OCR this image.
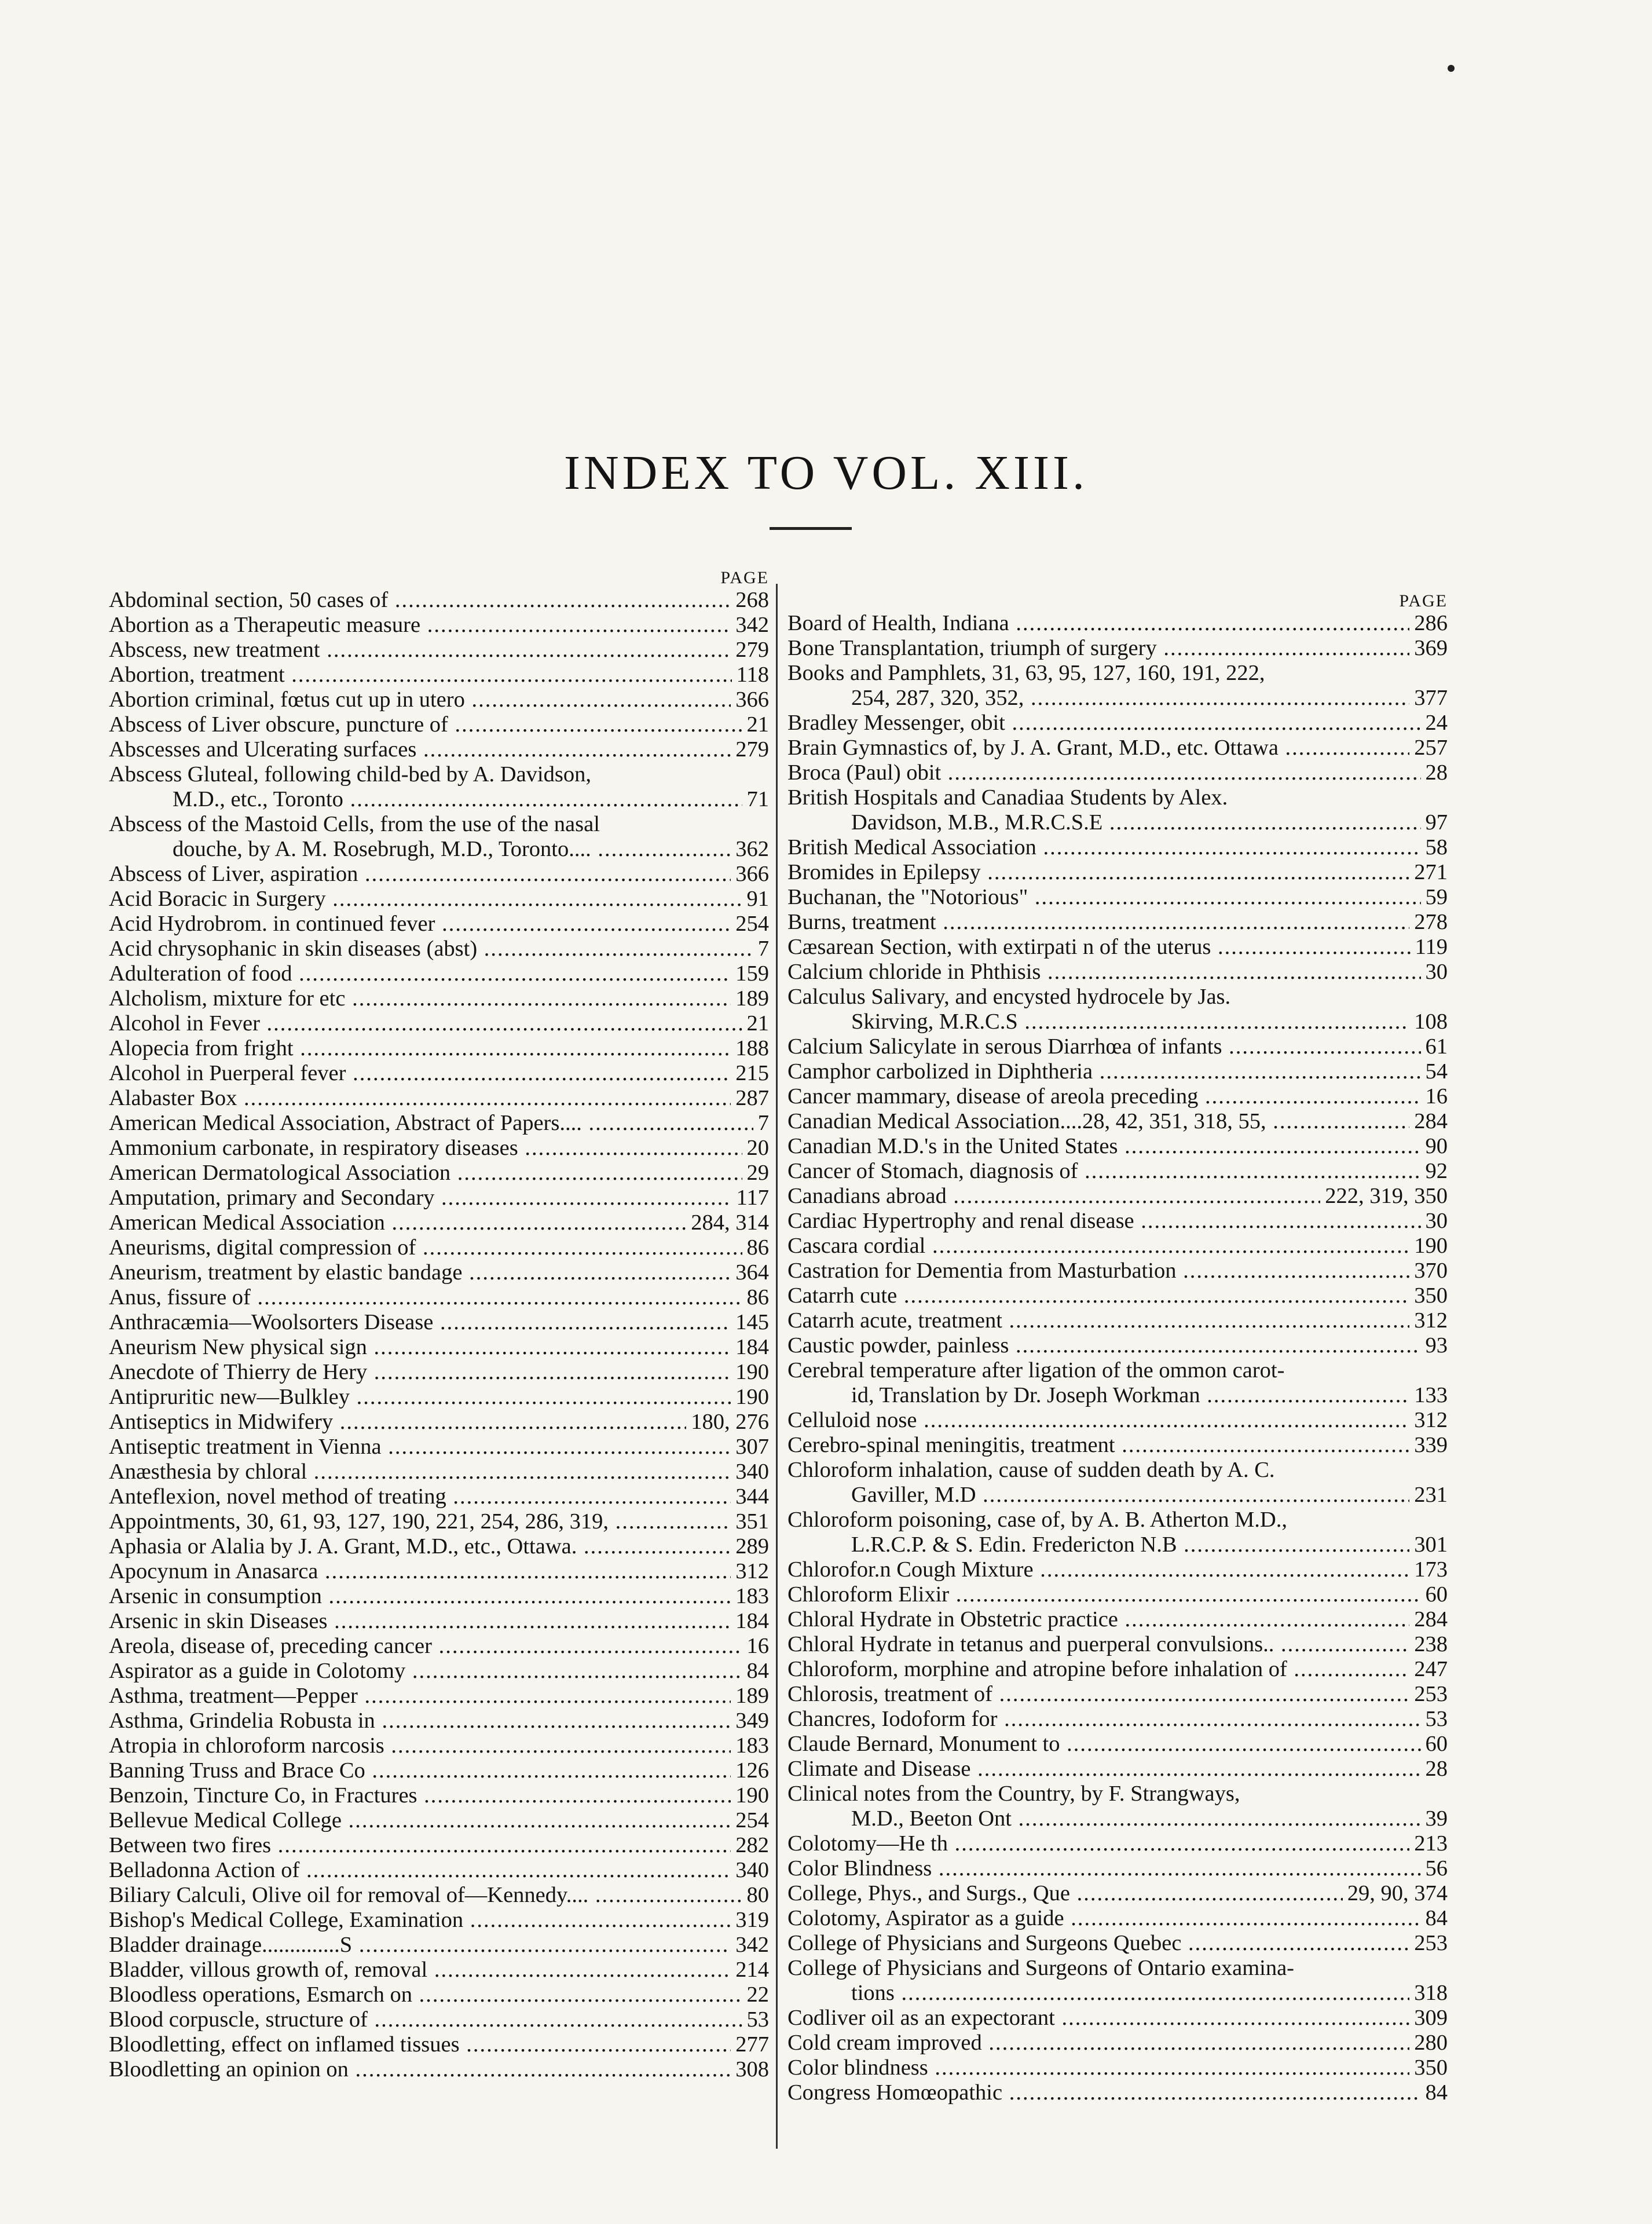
INDEX TO VOL. XIII.
PAGE
Abdominal section, 50 cases of .....	268
Abortion as a Therapeutic measure .....	342
Abscess, new treatment .....	279
Abortion, treatment .....	118
Abortion criminal, fœtus cut up in utero .....	366
Abscess of Liver obscure, puncture of .....	21
Abscesses and Ulcerating surfaces .....	279
Abscess Gluteal, following child-bed by A. Davidson,
M.D., etc., Toronto .....	71
Abscess of the Mastoid Cells, from the use of the nasal
douche, by A. M. Rosebrugh, M.D., Toronto.... .....	362
Abscess of Liver, aspiration .....	366
Acid Boracic in Surgery .....	91
Acid Hydrobrom. in continued fever .....	254
Acid chrysophanic in skin diseases (abst) .....	7
Adulteration of food .....	159
Alcholism, mixture for etc .....	189
Alcohol in Fever .....	21
Alopecia from fright .....	188
Alcohol in Puerperal fever .....	215
Alabaster Box .....	287
American Medical Association, Abstract of Papers.... .....	7
Ammonium carbonate, in respiratory diseases .....	20
American Dermatological Association .....	29
Amputation, primary and Secondary .....	117
American Medical Association .....	284, 314
Aneurisms, digital compression of .....	86
Aneurism, treatment by elastic bandage .....	364
Anus, fissure of .....	86
Anthracæmia—Woolsorters Disease .....	145
Aneurism New physical sign .....	184
Anecdote of Thierry de Hery .....	190
Antipruritic new—Bulkley .....	190
Antiseptics in Midwifery .....	180, 276
Antiseptic treatment in Vienna .....	307
Anæsthesia by chloral .....	340
Anteflexion, novel method of treating .....	344
Appointments, 30, 61, 93, 127, 190, 221, 254, 286, 319, .....	351
Aphasia or Alalia by J. A. Grant, M.D., etc., Ottawa. .....	289
Apocynum in Anasarca .....	312
Arsenic in consumption .....	183
Arsenic in skin Diseases .....	184
Areola, disease of, preceding cancer .....	16
Aspirator as a guide in Colotomy .....	84
Asthma, treatment—Pepper .....	189
Asthma, Grindelia Robusta in .....	349
Atropia in chloroform narcosis .....	183
Banning Truss and Brace Co .....	126
Benzoin, Tincture Co, in Fractures .....	190
Bellevue Medical College .....	254
Between two fires .....	282
Belladonna Action of .....	340
Biliary Calculi, Olive oil for removal of—Kennedy.... .....	80
Bishop's Medical College, Examination .....	319
Bladder drainage..............S .....	342
Bladder, villous growth of, removal .....	214
Bloodless operations, Esmarch on .....	22
Blood corpuscle, structure of .....	53
Bloodletting, effect on inflamed tissues .....	277
Bloodletting an opinion on .....	308
PAGE
Board of Health, Indiana .....	286
Bone Transplantation, triumph of surgery .....	369
Books and Pamphlets, 31, 63, 95, 127, 160, 191, 222,
254, 287, 320, 352, .....	377
Bradley Messenger, obit .....	24
Brain Gymnastics of, by J. A. Grant, M.D., etc. Ottawa .....	257
Broca (Paul) obit .....	28
British Hospitals and Canadiaa Students by Alex.
Davidson, M.B., M.R.C.S.E .....	97
British Medical Association .....	58
Bromides in Epilepsy .....	271
Buchanan, the "Notorious" .....	59
Burns, treatment .....	278
Cæsarean Section, with extirpati n of the uterus .....	119
Calcium chloride in Phthisis .....	30
Calculus Salivary, and encysted hydrocele by Jas.
Skirving, M.R.C.S .....	108
Calcium Salicylate in serous Diarrhœa of infants .....	61
Camphor carbolized in Diphtheria .....	54
Cancer mammary, disease of areola preceding .....	16
Canadian Medical Association....28, 42, 351, 318, 55, .....	284
Canadian M.D.'s in the United States .....	90
Cancer of Stomach, diagnosis of .....	92
Canadians abroad .....	222, 319, 350
Cardiac Hypertrophy and renal disease .....	30
Cascara cordial .....	190
Castration for Dementia from Masturbation .....	370
Catarrh cute .....	350
Catarrh acute, treatment .....	312
Caustic powder, painless .....	93
Cerebral temperature after ligation of the ommon carot-
id, Translation by Dr. Joseph Workman .....	133
Celluloid nose .....	312
Cerebro-spinal meningitis, treatment .....	339
Chloroform inhalation, cause of sudden death by A. C.
Gaviller, M.D .....	231
Chloroform poisoning, case of, by A. B. Atherton M.D.,
L.R.C.P. & S. Edin. Fredericton N.B .....	301
Chlorofor.n Cough Mixture .....	173
Chloroform Elixir .....	60
Chloral Hydrate in Obstetric practice .....	284
Chloral Hydrate in tetanus and puerperal convulsions.. .....	238
Chloroform, morphine and atropine before inhalation of .....	247
Chlorosis, treatment of .....	253
Chancres, Iodoform for .....	53
Claude Bernard, Monument to .....	60
Climate and Disease .....	28
Clinical notes from the Country, by F. Strangways,
M.D., Beeton Ont .....	39
Colotomy—He th .....	213
Color Blindness .....	56
College, Phys., and Surgs., Que .....	29, 90, 374
Colotomy, Aspirator as a guide .....	84
College of Physicians and Surgeons Quebec .....	253
College of Physicians and Surgeons of Ontario examina-
tions .....	318
Codliver oil as an expectorant .....	309
Cold cream improved .....	280
Color blindness .....	350
Congress Homœopathic .....	84
